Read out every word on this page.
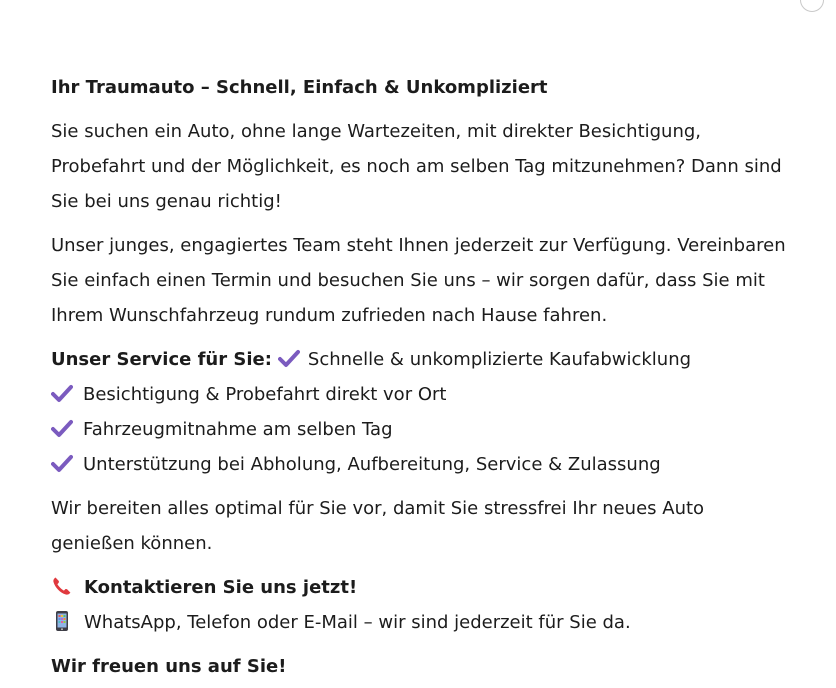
Ihr Traumauto – Schnell, Einfach & Unkompliziert

Sie suchen ein Auto, ohne lange Wartezeiten, mit direkter Besichtigung, Probefahrt und der Möglichkeit, es noch am selben Tag mitzunehmen? Dann sind Sie bei uns genau richtig!

Unser junges, engagiertes Team steht Ihnen jederzeit zur Verfügung. Vereinbaren Sie einfach einen Termin und besuchen Sie uns – wir sorgen dafür, dass Sie mit Ihrem Wunschfahrzeug rundum zufrieden nach Hause fahren.

Unser Service für Sie: Schnelle & unkomplizierte Kaufabwicklung
Besichtigung & Probefahrt direkt vor Ort
Fahrzeugmitnahme am selben Tag
Unterstützung bei Abholung, Aufbereitung, Service & Zulassung

Wir bereiten alles optimal für Sie vor, damit Sie stressfrei Ihr neues Auto genießen können.

Kontaktieren Sie uns jetzt!
WhatsApp, Telefon oder E-Mail – wir sind jederzeit für Sie da.

Wir freuen uns auf Sie!
